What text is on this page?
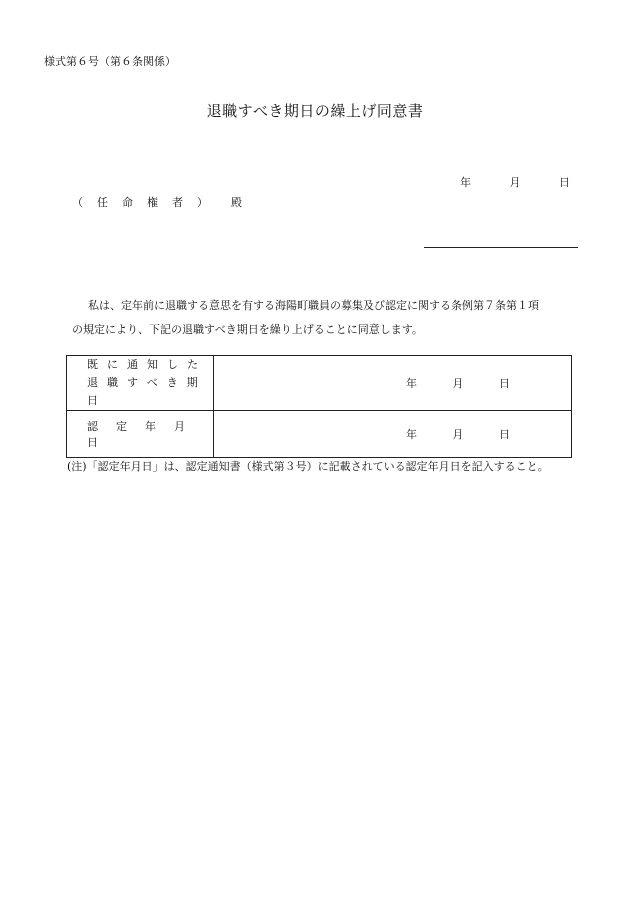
様式第６号（第６条関係）
退職すべき期日の繰上げ同意書
年	月	日
（任命権者） 殿
私は、定年前に退職する意思を有する海陽町職員の募集及び認定に関する条例第７条第１項
の規定により、下記の退職すべき期日を繰り上げることに同意します。
既に通知した
退職すべき期日	年 月 日

認定年月日	年 月 日
(注)「認定年月日」は、認定通知書（様式第３号）に記載されている認定年月日を記入すること。
